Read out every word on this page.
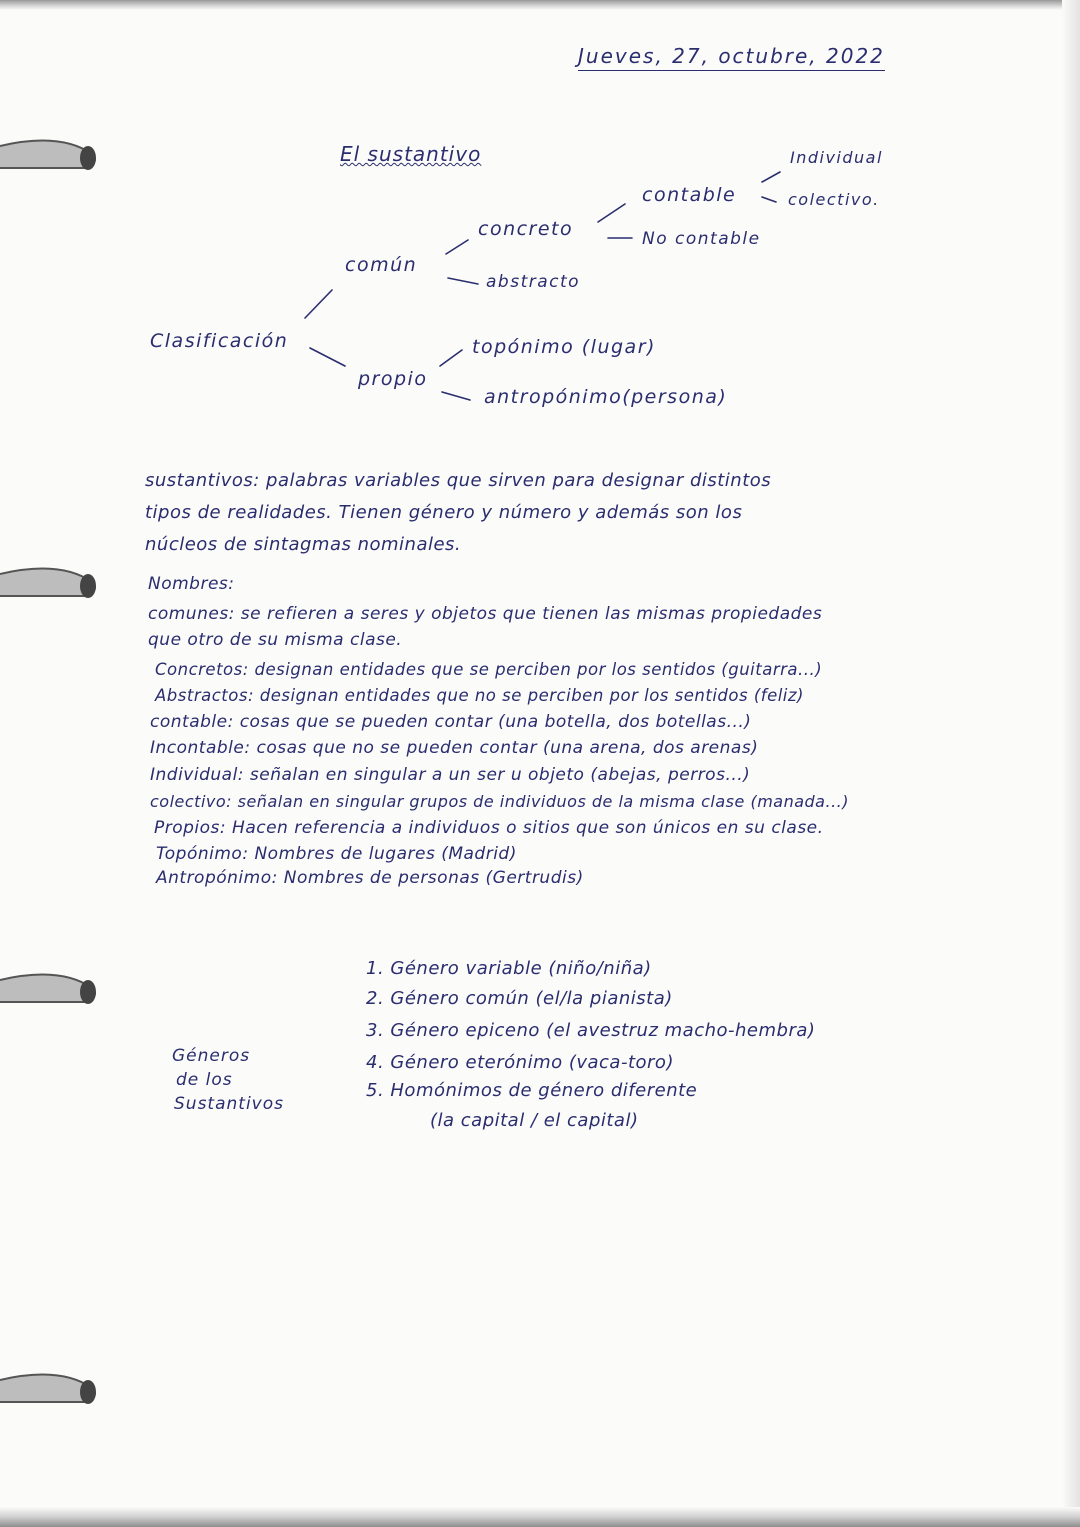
Jueves, 27, octubre, 2022
El sustantivo
Clasificación
común
propio
concreto
abstracto
contable
No contable
Individual
colectivo.
topónimo (lugar)
antropónimo(persona)
sustantivos: palabras variables que sirven para designar distintos
tipos de realidades. Tienen género y número y además son los
núcleos de sintagmas nominales.
Nombres:
comunes: se refieren a seres y objetos que tienen las mismas propiedades
que otro de su misma clase.
Concretos: designan entidades que se perciben por los sentidos (guitarra...)
Abstractos: designan entidades que no se perciben por los sentidos (feliz)
contable: cosas que se pueden contar (una botella, dos botellas...)
Incontable: cosas que no se pueden contar (una arena, dos arenas)
Individual: señalan en singular a un ser u objeto (abejas, perros...)
colectivo: señalan en singular grupos de individuos de la misma clase (manada...)
Propios: Hacen referencia a individuos o sitios que son únicos en su clase.
Topónimo: Nombres de lugares (Madrid)
Antropónimo: Nombres de personas (Gertrudis)
Géneros
de los
Sustantivos
1. Género variable (niño/niña)
2. Género común (el/la pianista)
3. Género epiceno (el avestruz macho-hembra)
4. Género eterónimo (vaca-toro)
5. Homónimos de género diferente
(la capital / el capital)
